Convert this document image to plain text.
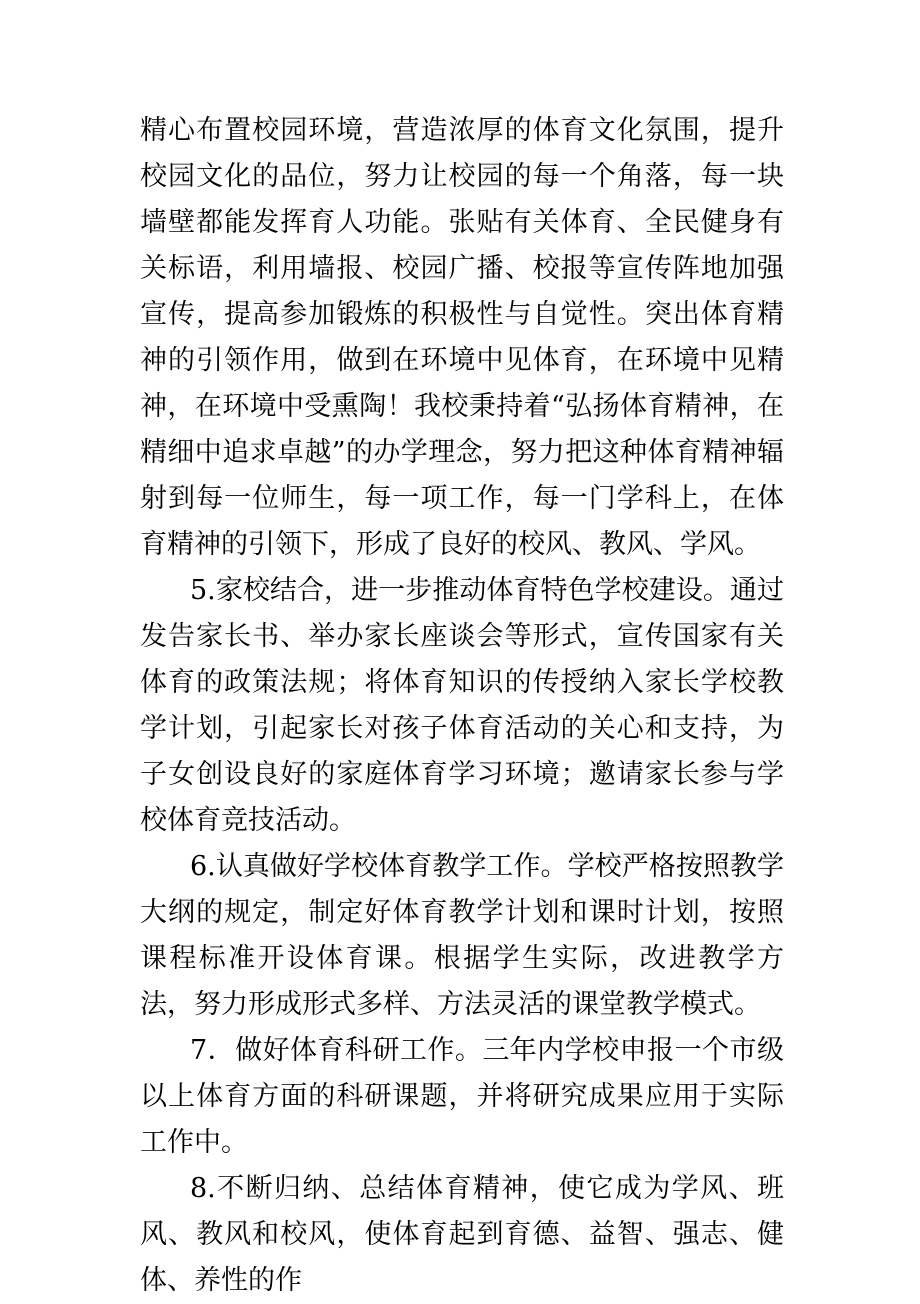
精心布置校园环境，营造浓厚的体育文化氛围，提升校园文化的品位，努力让校园的每一个角落，每一块墙壁都能发挥育人功能。张贴有关体育、全民健身有关标语，利用墙报、校园广播、校报等宣传阵地加强宣传，提高参加锻炼的积极性与自觉性。突出体育精神的引领作用，做到在环境中见体育，在环境中见精神，在环境中受熏陶！我校秉持着“弘扬体育精神，在精细中追求卓越”的办学理念，努力把这种体育精神辐射到每一位师生，每一项工作，每一门学科上，在体育精神的引领下，形成了良好的校风、教风、学风。

5.家校结合，进一步推动体育特色学校建设。通过发告家长书、举办家长座谈会等形式，宣传国家有关体育的政策法规；将体育知识的传授纳入家长学校教学计划，引起家长对孩子体育活动的关心和支持，为子女创设良好的家庭体育学习环境；邀请家长参与学校体育竞技活动。

6.认真做好学校体育教学工作。学校严格按照教学大纲的规定，制定好体育教学计划和课时计划，按照课程标准开设体育课。根据学生实际，改进教学方法，努力形成形式多样、方法灵活的课堂教学模式。

7．做好体育科研工作。三年内学校申报一个市级以上体育方面的科研课题，并将研究成果应用于实际工作中。

8.不断归纳、总结体育精神，使它成为学风、班风、教风和校风，使体育起到育德、益智、强志、健体、养性的作
